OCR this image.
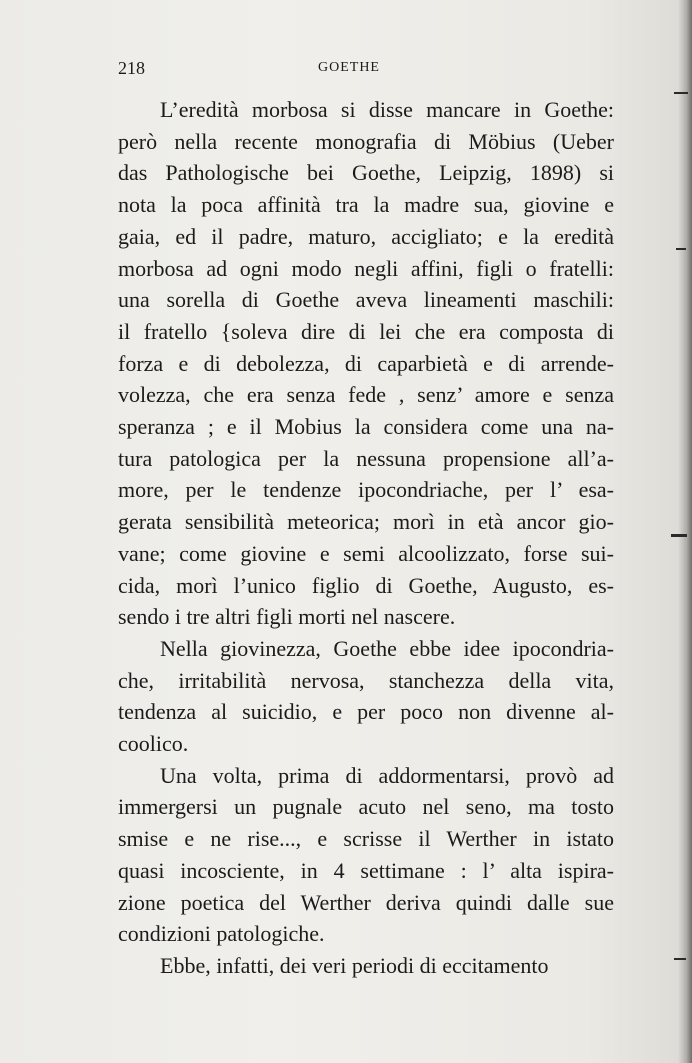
218	GOETHE
L’eredità morbosa si disse mancare in Goethe:
però nella recente monografia di Möbius (Ueber
das Pathologische bei Goethe, Leipzig, 1898) si
nota la poca affinità tra la madre sua, giovine e
gaia, ed il padre, maturo, accigliato; e la eredità
morbosa ad ogni modo negli affini, figli o fratelli:
una sorella di Goethe aveva lineamenti maschili:
il fratello {soleva dire di lei che era composta di
forza e di debolezza, di caparbietà e di arrende-
volezza, che era senza fede , senz’ amore e senza
speranza ; e il Mobius la considera come una na-
tura patologica per la nessuna propensione all’a-
more, per le tendenze ipocondriache, per l’ esa-
gerata sensibilità meteorica; morì in età ancor gio-
vane; come giovine e semi alcoolizzato, forse sui-
cida, morì l’unico figlio di Goethe, Augusto, es-
sendo i tre altri figli morti nel nascere.
Nella giovinezza, Goethe ebbe idee ipocondria-
che, irritabilità nervosa, stanchezza della vita,
tendenza al suicidio, e per poco non divenne al-
coolico.
Una volta, prima di addormentarsi, provò ad
immergersi un pugnale acuto nel seno, ma tosto
smise e ne rise..., e scrisse il Werther in istato
quasi incosciente, in 4 settimane : l’ alta ispira-
zione poetica del Werther deriva quindi dalle sue
condizioni patologiche.
Ebbe, infatti, dei veri periodi di eccitamento
